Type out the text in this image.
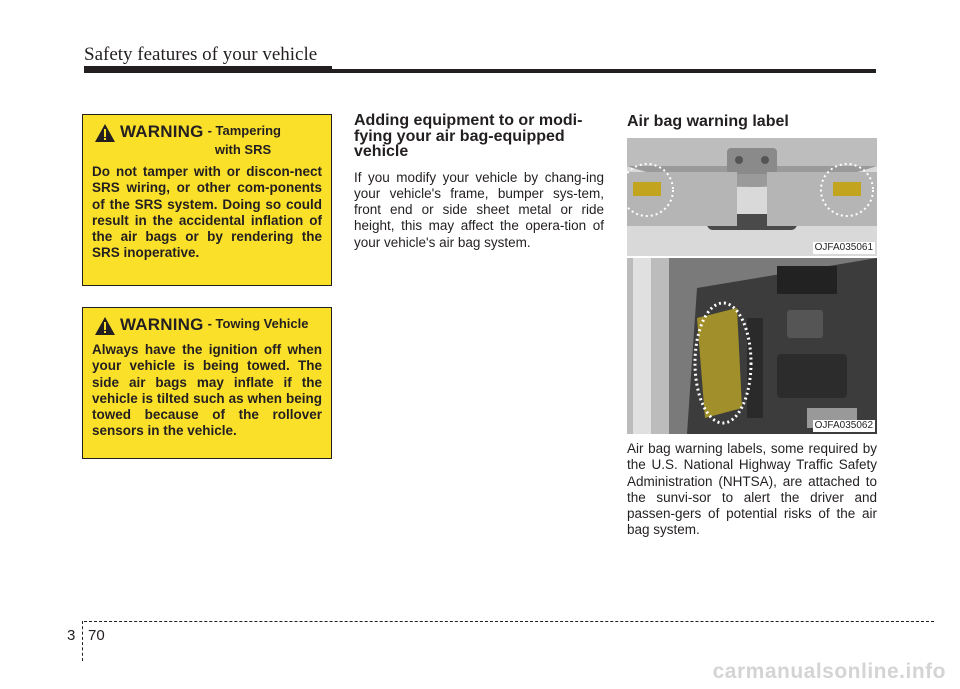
Safety features of your vehicle
WARNING - Tampering
with SRS
Do not tamper with or discon-nect SRS wiring, or other com-ponents of the SRS system. Doing so could result in the accidental inflation of the air bags or by rendering the SRS inoperative.
WARNING - Towing Vehicle
Always have the ignition off when your vehicle is being towed. The side air bags may inflate if the vehicle is tilted such as when being towed because of the rollover sensors in the vehicle.
Adding equipment to or modi-fying your air bag-equipped vehicle

If you modify your vehicle by chang-ing your vehicle's frame, bumper sys-tem, front end or side sheet metal or ride height, this may affect the opera-tion of your vehicle's air bag system.

Air bag warning label
OJFA035061
OJFA035062

Air bag warning labels, some required by the U.S. National Highway Traffic Safety Administration (NHTSA), are attached to the sunvi-sor to alert the driver and passen-gers of potential risks of the air bag system.

3 70
carmanualsonline.info
